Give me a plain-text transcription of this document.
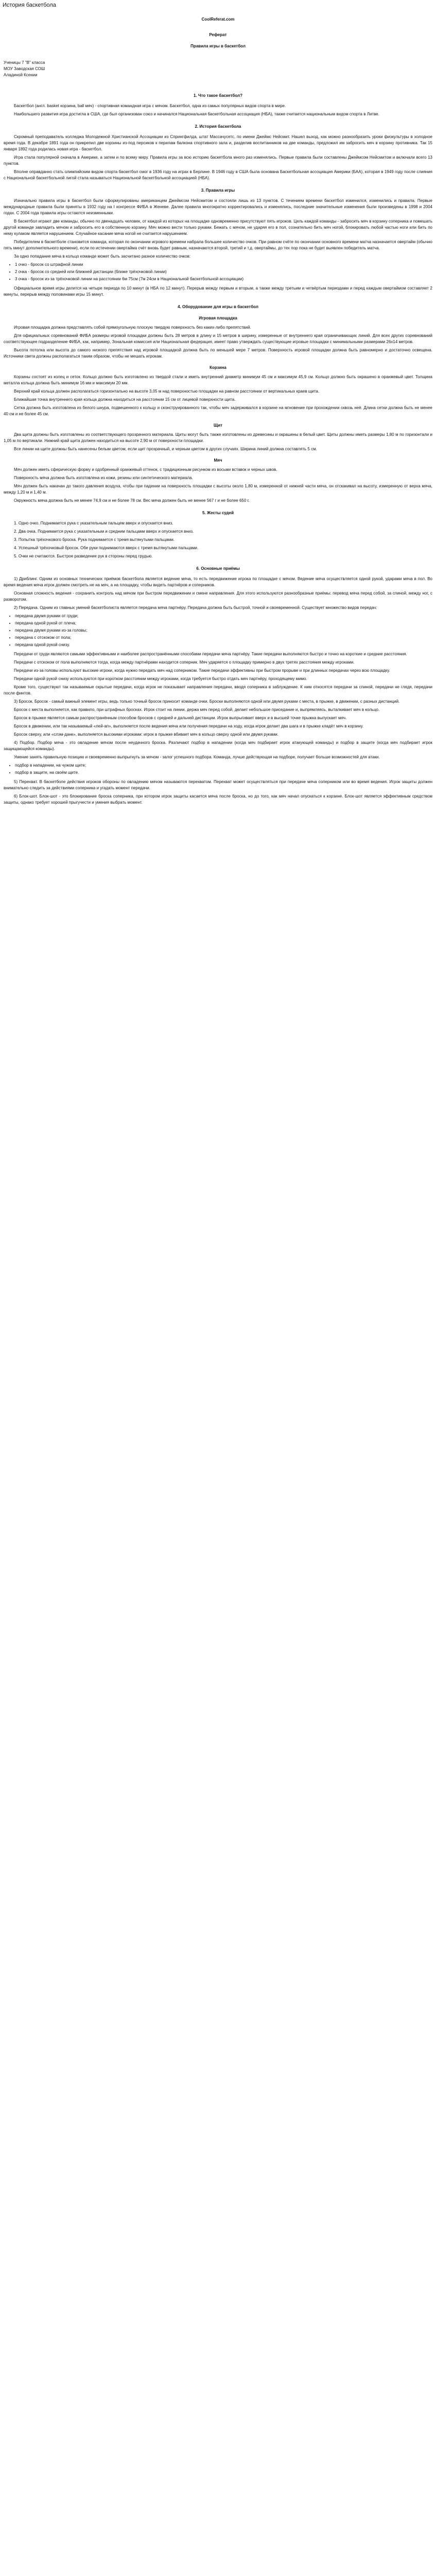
История баскетбола
CoolReferat.com
Реферат
Правила игры в баскетбол

Ученицы 7 "В" класса

МОУ Заводская СОШ

Аладиной Ксении

1. Что такое баскетбол?

Баскетбол (англ. basket корзина, ball мяч) - спортивная командная игра с мячом. Баскетбол, одна из самых популярных видов спорта в мире.

Наибольшего развития игра достигла в США, где был организован союз и начинался Национальная баскетбольная ассоциация (НБА), также считается национальным видом спорта в Литве.

2. История баскетбола

Скромный преподаватель колледжа Молодежной Христианской Ассоциации из Спрингфилда, штат Массачусетс, по имени Джеймс Нейсмит. Нашел выход, как можно разнообразить уроки физкультуры в холодное время года. В декабре 1891 года он прикрепил две корзины из-под персиков к перилам балкона спортивного зала и, разделив воспитанников на две команды, предложил им забросить мяч в корзину противника. Так 15 января 1892 года родилась новая игра - баскетбол.

Игра стала популярной сначала в Америке, а затем и по всему миру. Правила игры за всю историю баскетбола много раз изменялись. Первые правила были составлены Джеймсом Нейсмитом и включали всего 13 пунктов.

Вполне оправданно стать олимпийским видом спорта баскетбол смог в 1936 году на играх в Берлине. В 1946 году в США была основана Баскетбольная ассоциация Америки (БАА), которая в 1949 году после слияния с Национальной баскетбольной лигой стала называться Национальной баскетбольной ассоциацией (НБА).

3. Правила игры

Изначально правила игры в баскетбол были сформулированы американцем Джеймсом Нейсмитом и состояли лишь из 13 пунктов. С течением времени баскетбол изменился, изменились и правила. Первые международные правила были приняты в 1932 году на I конгрессе ФИБА в Женеве. Далее правила многократно корректировались и изменялись, последние значительные изменения были произведены в 1998 и 2004 годах. С 2004 года правила игры остаются неизменными.

В баскетбол играют две команды, обычно по двенадцать человек, от каждой из которых на площадке одновременно присутствуют пять игроков. Цель каждой команды - забросить мяч в корзину соперника и помешать другой команде завладеть мячом и забросить его в собственную корзину. Мяч можно вести только руками. Бежать с мячом, не ударяя его в пол, сознательно бить мяч ногой, блокировать любой частью ноги или бить по нему кулаком является нарушением. Случайное касание мяча ногой не считается нарушением.

Победителем в баскетболе становится команда, которая по окончании игрового времени набрала большее количество очков. При равном счёте по окончании основного времени матча назначается овертайм (обычно пять минут дополнительного времени), если по истечении овертайма счёт вновь будет равным, назначаются второй, третий и т.д. овертаймы, до тех пор пока не будет выявлен победитель матча.

За одно попадание мяча в кольцо команде может быть засчитано разное количество очков:

• 1 очко - бросок со штрафной линии
• 2 очка - бросок со средней или ближней дистанции (ближе трёхочковой линии)
• 3 очка - бросок из-за трёхочковой линии на расстоянии 6м 75см (7м 24см в Национальной баскетбольной ассоциации)

Официальное время игры делится на четыре периода по 10 минут (в НБА по 12 минут). Перерыв между первым и вторым, а также между третьим и четвёртым периодами и перед каждым овертаймом составляет 2 минуты, перерыв между половинами игры 15 минут.

4. Оборудование для игры в баскетбол
Игровая площадка

Игровая площадка должна представлять собой прямоугольную плоскую твердую поверхность без каких-либо препятствий.

Для официальных соревнований ФИБА размеры игровой площадки должны быть 28 метров в длину и 15 метров в ширину, измеренные от внутреннего края ограничивающих линий. Для всех других соревнований соответствующее подразделение ФИБА, как, например, Зональная комиссия или Национальная федерация, имеет право утверждать существующие игровые площадки с минимальными размерами 26х14 метров.

Высота потолка или высота до самого низкого препятствия над игровой площадкой должна быть по меньшей мере 7 метров. Поверхность игровой площадки должна быть равномерно и достаточно освещена. Источники света должны располагаться таким образом, чтобы не мешать игрокам.

Корзина

Корзины состоят из колец и сеток. Кольцо должно быть изготовлено из твердой стали и иметь внутренний диаметр минимум 45 см и максимум 45,9 см. Кольцо должно быть окрашено в оранжевый цвет. Толщина металла кольца должна быть минимум 16 мм и максимум 20 мм.

Верхний край кольца должен располагаться горизонтально на высоте 3,05 м над поверхностью площадки на равном расстоянии от вертикальных краев щита.

Ближайшая точка внутреннего края кольца должна находиться на расстоянии 15 см от лицевой поверхности щита.

Сетка должна быть изготовлена из белого шнура, подвешенного к кольцу и сконструированного так, чтобы мяч задерживался в корзине на мгновение при прохождении сквозь неё. Длина сетки должна быть не менее 40 см и не более 45 см.

Щит

Два щита должны быть изготовлены из соответствующего прозрачного материала. Щиты могут быть также изготовлены из древесины и окрашены в белый цвет. Щиты должны иметь размеры 1,80 м по горизонтали и 1,05 м по вертикали. Нижний край щита должен находиться на высоте 2,90 м от поверхности площадки.

Все линии на щите должны быть нанесены белым цветом, если щит прозрачный, и черным цветом в других случаях. Ширина линий должна составлять 5 см.

Мяч

Мяч должен иметь сферическую форму и одобренный оранжевый оттенок, с традиционным рисунком из восьми вставок и черных швов.

Поверхность мяча должна быть изготовлена из кожи, резины или синтетического материала.

Мяч должен быть накачан до такого давления воздуха, чтобы при падении на поверхность площадки с высоты около 1,80 м, измеренной от нижней части мяча, он отскакивал на высоту, измеренную от верха мяча, между 1,20 м и 1,40 м.

Окружность мяча должна быть не менее 74,9 см и не более 78 см. Вес мяча должен быть не менее 567 г и не более 650 г.

5. Жесты судей

1. Одно очко. Поднимается рука с указательным пальцем вверх и опускается вниз.

2. Два очка. Поднимается рука с указательным и средним пальцами вверх и опускается вниз.

3. Попытка трёхочкового броска. Рука поднимается с тремя вытянутыми пальцами.

4. Успешный трёхочковый бросок. Обе руки поднимаются вверх с тремя вытянутыми пальцами.

5. Очки не считаются. Быстрое разведение рук в стороны перед грудью.

6. Основные приёмы

1) Дриблинг. Одним из основных технических приёмов баскетбола является ведение мяча, то есть передвижение игрока по площадке с мячом. Ведение мяча осуществляется одной рукой, ударами мяча в пол. Во время ведения мяча игрок должен смотреть не на мяч, а на площадку, чтобы видеть партнёров и соперников.

Основная сложность ведения - сохранить контроль над мячом при быстром передвижении и смене направления. Для этого используются разнообразные приёмы: перевод мяча перед собой, за спиной, между ног, с разворотом.

2) Передача. Одним из главных умений баскетболиста является передача мяча партнёру. Передача должна быть быстрой, точной и своевременной. Существует множество видов передач:

• передача двумя руками от груди;
• передача одной рукой от плеча;
• передача двумя руками из-за головы;
• передача с отскоком от пола;
• передача одной рукой снизу.

Передачи от груди являются самыми эффективными и наиболее распространёнными способами передачи мяча партнёру. Такие передачи выполняются быстро и точно на короткие и средние расстояния.

Передачи с отскоком от пола выполняются тогда, когда между партнёрами находится соперник. Мяч ударяется о площадку примерно в двух третях расстояния между игроками.

Передачи из-за головы используют высокие игроки, когда нужно передать мяч над соперником. Такие передачи эффективны при быстром прорыве и при длинных передачах через всю площадку.

Передачи одной рукой снизу используются при коротком расстоянии между игроками, когда требуется быстро отдать мяч партнёру, проходящему мимо.

Кроме того, существуют так называемые скрытые передачи, когда игрок не показывает направления передачи, вводя соперника в заблуждение. К ним относятся передачи за спиной, передачи не глядя, передачи после финтов.

3) Бросок. Бросок - самый важный элемент игры, ведь только точный бросок приносит команде очки. Броски выполняются одной или двумя руками с места, в прыжке, в движении, с разных дистанций.

Бросок с места выполняется, как правило, при штрафных бросках. Игрок стоит на линии, держа мяч перед собой, делает небольшое приседание и, выпрямляясь, выталкивает мяч в кольцо.

Бросок в прыжке является самым распространённым способом бросков с средней и дальней дистанции. Игрок выпрыгивает вверх и в высшей точке прыжка выпускает мяч.

Бросок в движении, или так называемый «лей-ап», выполняется после ведения мяча или получения передачи на ходу, когда игрок делает два шага и в прыжке кладёт мяч в корзину.

Бросок сверху, или «слэм-данк», выполняется высокими игроками: игрок в прыжке вбивает мяч в кольцо сверху одной или двумя руками.

4) Подбор. Подбор мяча - это овладение мячом после неудачного броска. Различают подбор в нападении (когда мяч подбирает игрок атакующей команды) и подбор в защите (когда мяч подбирает игрок защищающейся команды).

Умение занять правильную позицию и своевременно выпрыгнуть за мячом - залог успешного подбора. Команда, лучше действующая на подборе, получает больше возможностей для атаки.

• подбор в нападении, на чужом щите;
• подбор в защите, на своём щите.

5) Перехват. В баскетболе действия игроков обороны по овладению мячом называются перехватом. Перехват может осуществляться при передаче мяча соперником или во время ведения. Игрок защиты должен внимательно следить за действиями соперника и угадать момент передачи.

6) Блок-шот. Блок-шот - это блокирование броска соперника, при котором игрок защиты касается мяча после броска, но до того, как мяч начал опускаться к корзине. Блок-шот является эффективным средством защиты, однако требует хорошей прыгучести и умения выбрать момент.
